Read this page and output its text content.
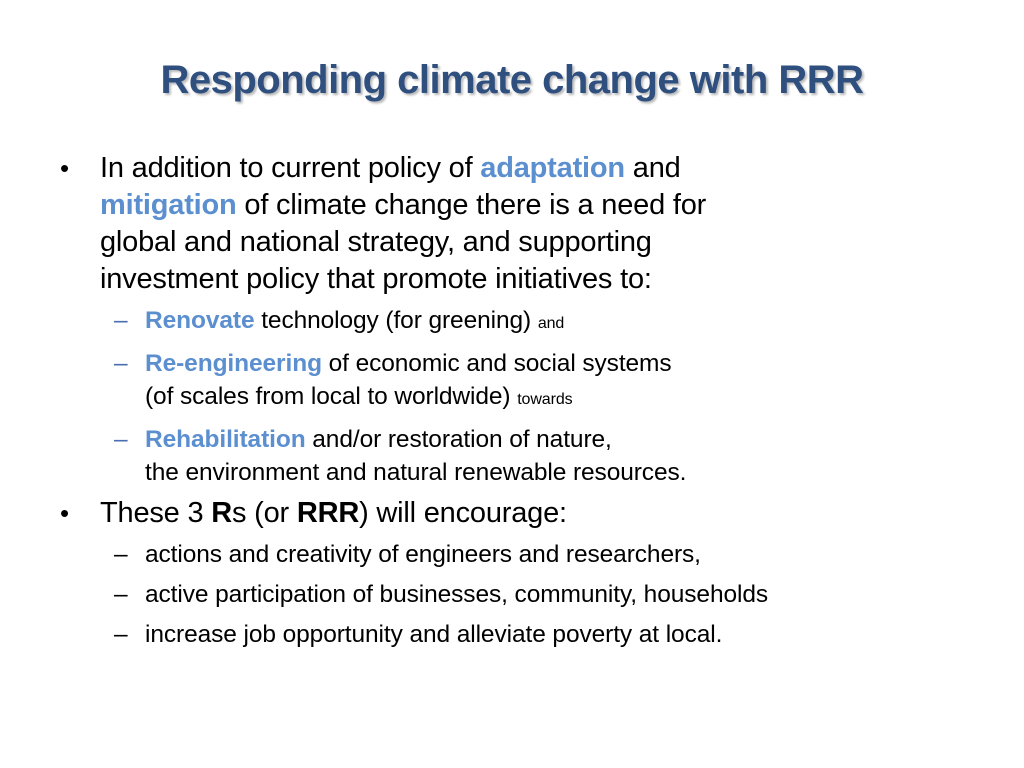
Responding climate change with RRR
• In addition to current policy of adaptation and
mitigation of climate change there is a need for
global and national strategy, and supporting
investment policy that promote initiatives to:
– Renovate technology (for greening) and
– Re-engineering of economic and social systems
(of scales from local to worldwide) towards
– Rehabilitation and/or restoration of nature,
the environment and natural renewable resources.
• These 3 Rs (or RRR) will encourage:
– actions and creativity of engineers and researchers,
– active participation of businesses, community, households
– increase job opportunity and alleviate poverty at local.
